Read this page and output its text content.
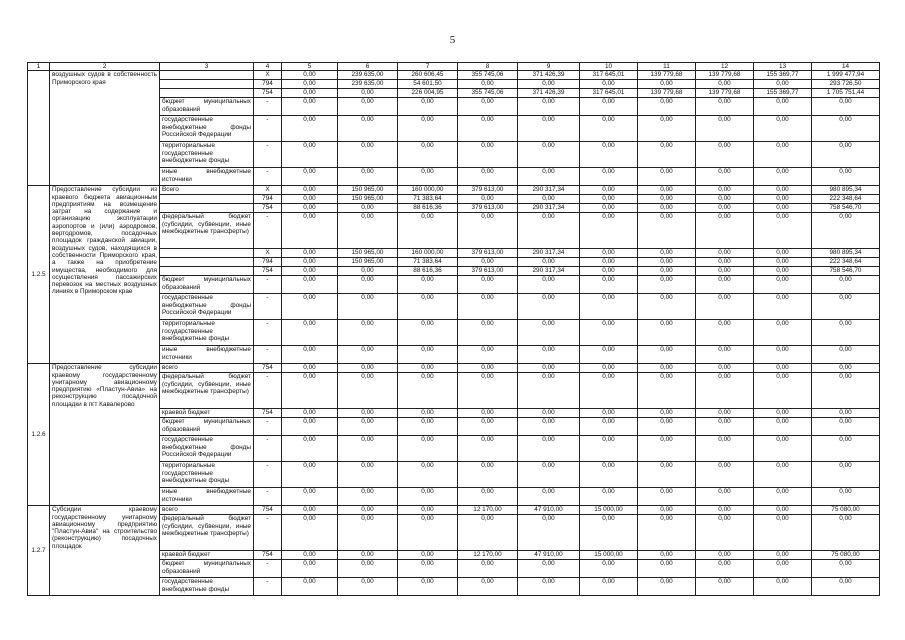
5
1	2	3	4	5	6	7	8	9	10	11	12	13	14
	воздушных судов в собственность Приморского края		X	0,00	239 635,00	260 606,45	355 745,06	371 426,39	317 645,01	139 779,68	139 779,68	155 369,77	1 999 477,94
			794	0,00	239 635,00	54 601,50	0,00	0,00	0,00	0,00	0,00	0,00	293 726,50
			754	0,00	0,00	226 004,95	355 745,06	371 426,39	317 645,01	139 779,68	139 779,68	155 369,77	1 705 751,44
		бюджет муниципальных образований	-	0,00	0,00	0,00	0,00	0,00	0,00	0,00	0,00	0,00	0,00
		государственные внебюджетные фонды Российской Федерации	-	0,00	0,00	0,00	0,00	0,00	0,00	0,00	0,00	0,00	0,00
		территориальные государственные внебюджетные фонды	-	0,00	0,00	0,00	0,00	0,00	0,00	0,00	0,00	0,00	0,00
		иные внебюджетные источники	-	0,00	0,00	0,00	0,00	0,00	0,00	0,00	0,00	0,00	0,00
1.2.5	Предоставление субсидии из краевого бюджета авиационным предприятиям на возмещение затрат на содержание и организацию эксплуатации аэропортов и (или) аэродромов, вертодромов, посадочных площадок гражданской авиации, воздушных судов, находящихся в собственности Приморского края, а также на приобретение имущества, необходимого для осуществления пассажирских перевозок на местных воздушных линиях в Приморском крае	Всего	X	0,00	150 965,00	160 000,00	379 613,00	290 317,34	0,00	0,00	0,00	0,00	980 895,34
			794	0,00	150 965,00	71 383,64	0,00	0,00	0,00	0,00	0,00	0,00	222 348,64
			754	0,00	0,00	88 616,36	379 613,00	290 317,34	0,00	0,00	0,00	0,00	758 546,70
		федеральный бюджет (субсидии, субвенции, иные межбюджетные трансферты)	-	0,00	0,00	0,00	0,00	0,00	0,00	0,00	0,00	0,00	0,00
			X	0,00	150 965,00	160 000,00	379 613,00	290 317,34	0,00	0,00	0,00	0,00	980 895,34
			794	0,00	150 965,00	71 383,64	0,00	0,00	0,00	0,00	0,00	0,00	222 348,64
			754	0,00	0,00	88 616,36	379 613,00	290 317,34	0,00	0,00	0,00	0,00	758 546,70
		бюджет муниципальных образований	-	0,00	0,00	0,00	0,00	0,00	0,00	0,00	0,00	0,00	0,00
		государственные внебюджетные фонды Российской Федерации	-	0,00	0,00	0,00	0,00	0,00	0,00	0,00	0,00	0,00	0,00
		территориальные государственные внебюджетные фонды	-	0,00	0,00	0,00	0,00	0,00	0,00	0,00	0,00	0,00	0,00
		иные внебюджетные источники	-	0,00	0,00	0,00	0,00	0,00	0,00	0,00	0,00	0,00	0,00
1.2.6	Предоставление субсидии краевому государственному унитарному авиационному предприятию «Пластун-Авиа» на реконструкцию посадочной площадки в пгт Кавалерово	всего	754	0,00	0,00	0,00	0,00	0,00	0,00	0,00	0,00	0,00	0,00
		федеральный бюджет (субсидии, субвенции, иные межбюджетные трансферты)	-	0,00	0,00	0,00	0,00	0,00	0,00	0,00	0,00	0,00	0,00
		краевой бюджет	754	0,00	0,00	0,00	0,00	0,00	0,00	0,00	0,00	0,00	0,00
		бюджет муниципальных образований	-	0,00	0,00	0,00	0,00	0,00	0,00	0,00	0,00	0,00	0,00
		государственные внебюджетные фонды Российской Федерации	-	0,00	0,00	0,00	0,00	0,00	0,00	0,00	0,00	0,00	0,00
		территориальные государственные внебюджетные фонды	-	0,00	0,00	0,00	0,00	0,00	0,00	0,00	0,00	0,00	0,00
		иные внебюджетные источники	-	0,00	0,00	0,00	0,00	0,00	0,00	0,00	0,00	0,00	0,00
1.2.7	Субсидии краевому государственному унитарному авиационному предприятию "Пластун-Авиа" на строительство (реконструкцию) посадочных площадок	всего	754	0,00	0,00	0,00	12 170,00	47 910,00	15 000,00	0,00	0,00	0,00	75 080,00
		федеральный бюджет (субсидии, субвенции, иные межбюджетные трансферты)	-	0,00	0,00	0,00	0,00	0,00	0,00	0,00	0,00	0,00	0,00
		краевой бюджет	754	0,00	0,00	0,00	12 170,00	47 910,00	15 000,00	0,00	0,00	0,00	75 080,00
		бюджет муниципальных образований	-	0,00	0,00	0,00	0,00	0,00	0,00	0,00	0,00	0,00	0,00
		государственные внебюджетные фонды	-	0,00	0,00	0,00	0,00	0,00	0,00	0,00	0,00	0,00	0,00
